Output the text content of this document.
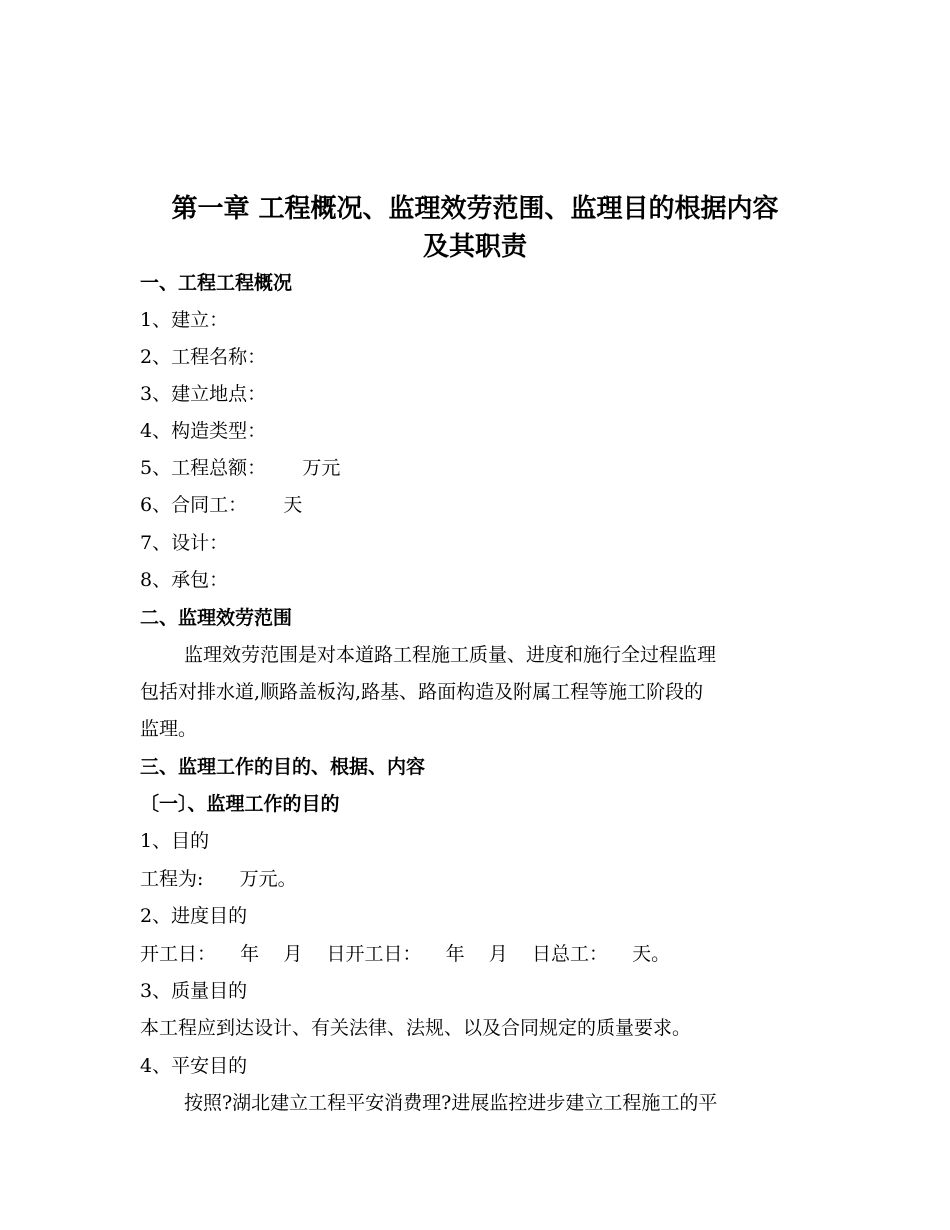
第一章 工程概况、监理效劳范围、监理目的根据内容
及其职责
一、工程工程概况
1、建立：
2、工程名称：
3、建立地点：
4、构造类型：
5、工程总额：      万元
6、合同工：      天
7、设计：
8、承包：
二、监理效劳范围
监理效劳范围是对本道路工程施工质量、进度和施行全过程监理
包括对排水道,顺路盖板沟,路基、路面构造及附属工程等施工阶段的
监理。
三、监理工作的目的、根据、内容
〔一〕、监理工作的目的
1、目的
工程为:      万元。
2、进度目的
开工日：    年    月    日开工日：    年    月    日总工：    天。
3、质量目的
本工程应到达设计、有关法律、法规、以及合同规定的质量要求。
4、平安目的
按照?湖北建立工程平安消费理?进展监控进步建立工程施工的平
